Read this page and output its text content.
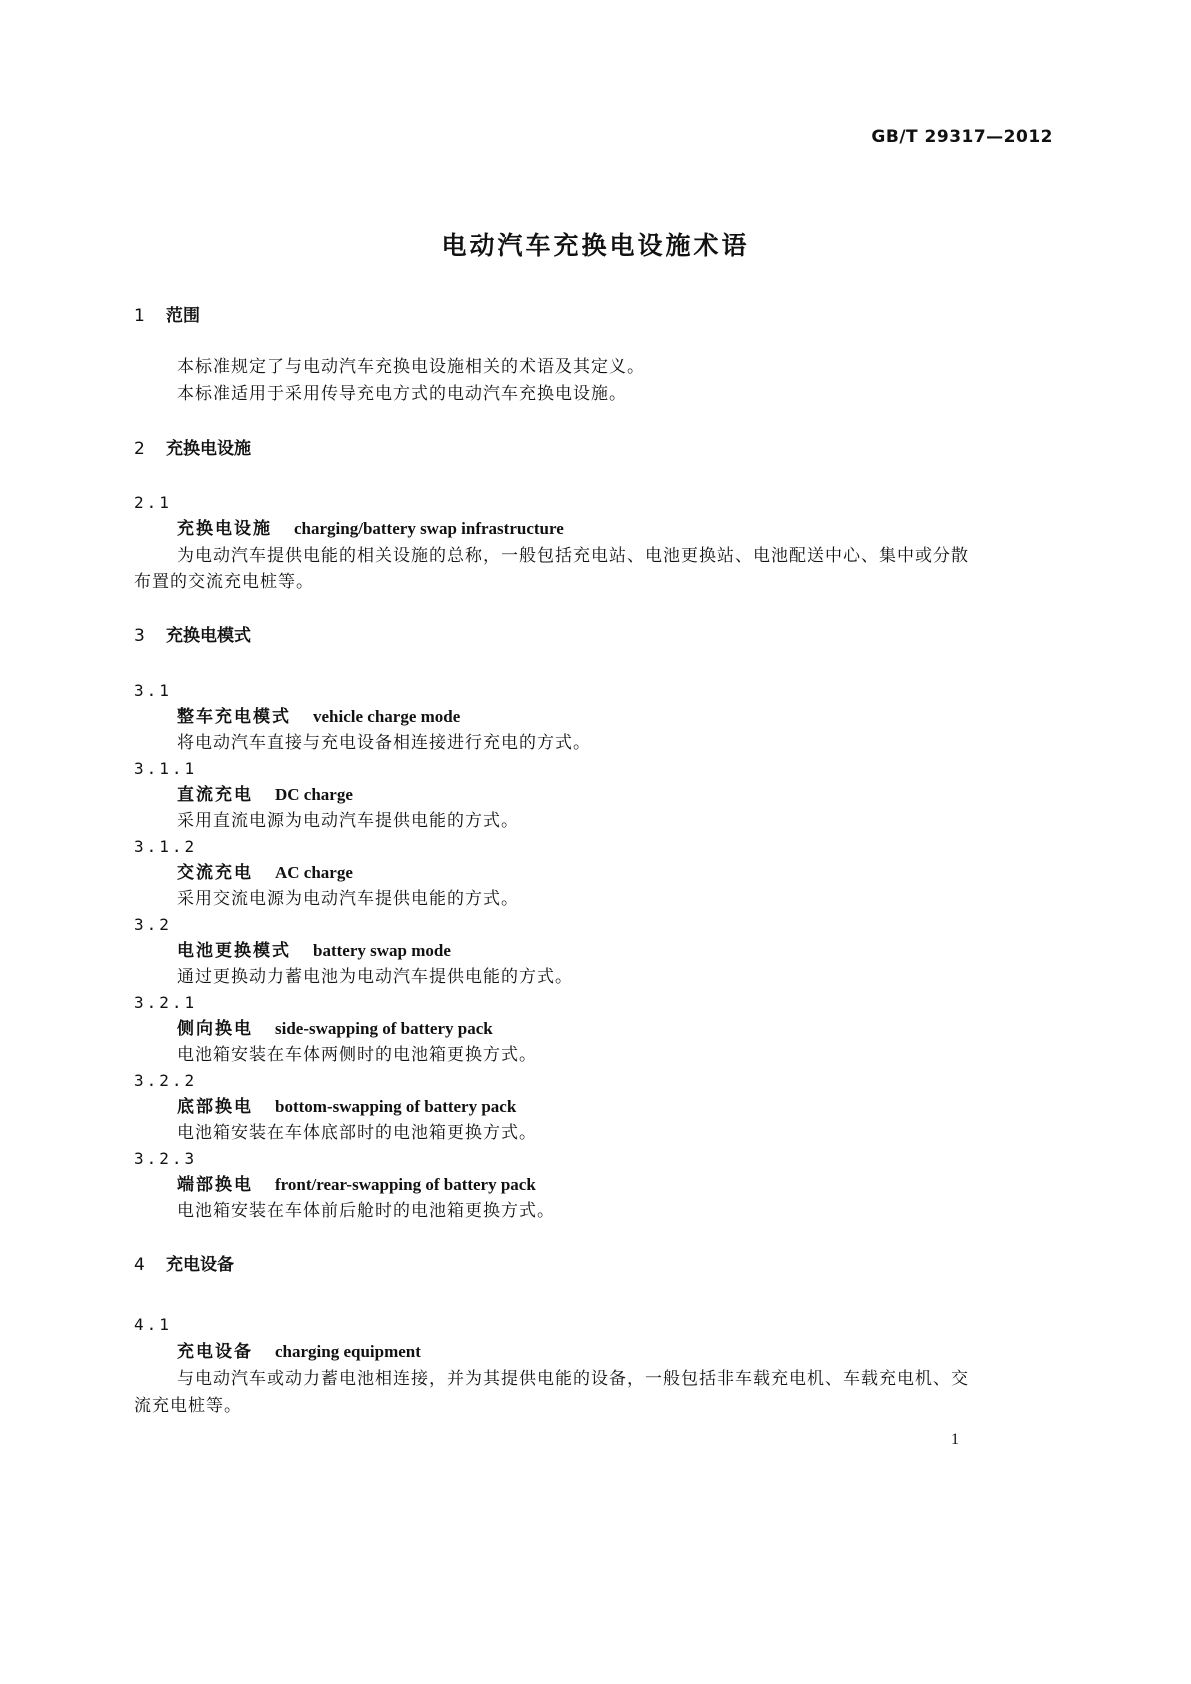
GB/T 29317—2012
电动汽车充换电设施术语
1 范围
本标准规定了与电动汽车充换电设施相关的术语及其定义。
本标准适用于采用传导充电方式的电动汽车充换电设施。
2 充换电设施
2.1
充换电设施 charging/battery swap infrastructure
为电动汽车提供电能的相关设施的总称，一般包括充电站、电池更换站、电池配送中心、集中或分散
布置的交流充电桩等。
3 充换电模式
3.1
整车充电模式 vehicle charge mode
将电动汽车直接与充电设备相连接进行充电的方式。
3.1.1
直流充电 DC charge
采用直流电源为电动汽车提供电能的方式。
3.1.2
交流充电 AC charge
采用交流电源为电动汽车提供电能的方式。
3.2
电池更换模式 battery swap mode
通过更换动力蓄电池为电动汽车提供电能的方式。
3.2.1
侧向换电 side-swapping of battery pack
电池箱安装在车体两侧时的电池箱更换方式。
3.2.2
底部换电 bottom-swapping of battery pack
电池箱安装在车体底部时的电池箱更换方式。
3.2.3
端部换电 front/rear-swapping of battery pack
电池箱安装在车体前后舱时的电池箱更换方式。
4 充电设备
4.1
充电设备 charging equipment
与电动汽车或动力蓄电池相连接，并为其提供电能的设备，一般包括非车载充电机、车载充电机、交
流充电桩等。
1
